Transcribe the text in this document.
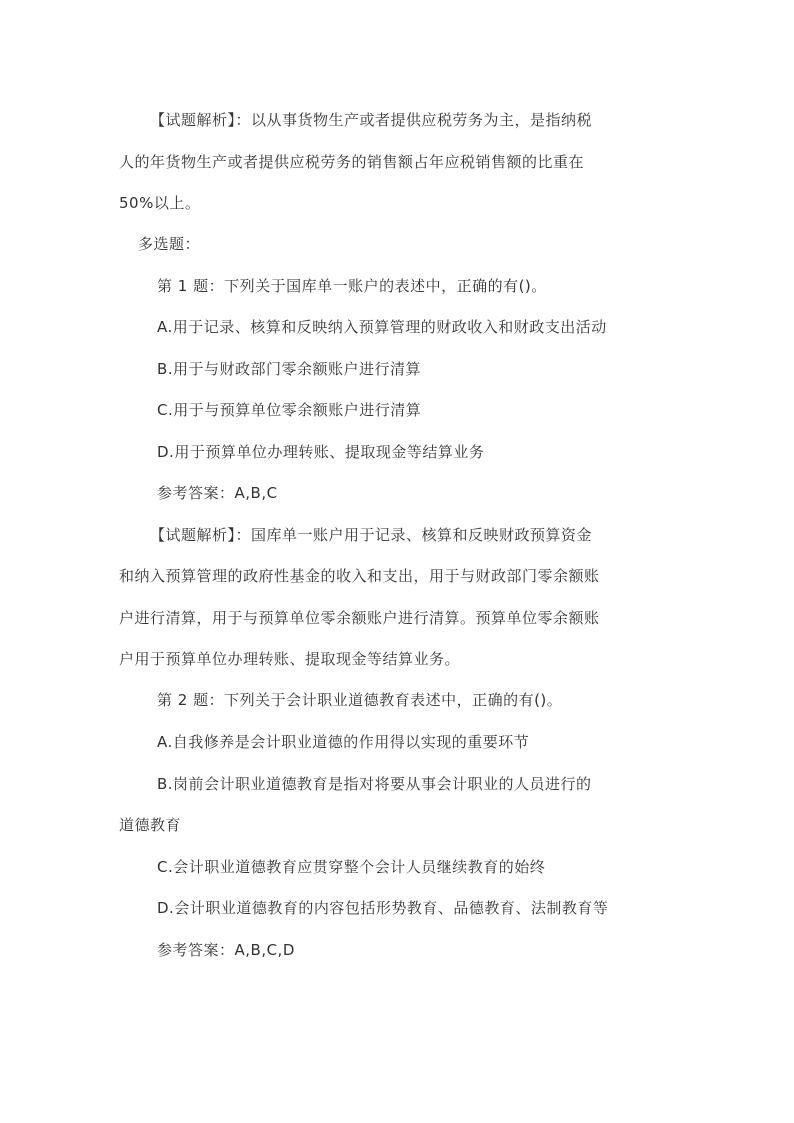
【试题解析】：以从事货物生产或者提供应税劳务为主，是指纳税
人的年货物生产或者提供应税劳务的销售额占年应税销售额的比重在
50%以上。
多选题：
第 1 题：下列关于国库单一账户的表述中，正确的有()。
A.用于记录、核算和反映纳入预算管理的财政收入和财政支出活动
B.用于与财政部门零余额账户进行清算
C.用于与预算单位零余额账户进行清算
D.用于预算单位办理转账、提取现金等结算业务
参考答案：A,B,C
【试题解析】：国库单一账户用于记录、核算和反映财政预算资金
和纳入预算管理的政府性基金的收入和支出，用于与财政部门零余额账
户进行清算，用于与预算单位零余额账户进行清算。预算单位零余额账
户用于预算单位办理转账、提取现金等结算业务。
第 2 题：下列关于会计职业道德教育表述中，正确的有()。
A.自我修养是会计职业道德的作用得以实现的重要环节
B.岗前会计职业道德教育是指对将要从事会计职业的人员进行的
道德教育
C.会计职业道德教育应贯穿整个会计人员继续教育的始终
D.会计职业道德教育的内容包括形势教育、品德教育、法制教育等
参考答案：A,B,C,D
